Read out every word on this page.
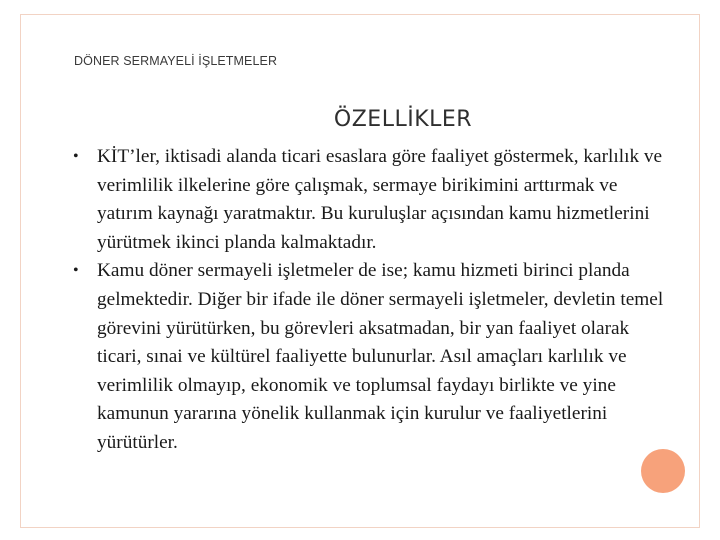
DÖNER SERMAYELİ İŞLETMELER
ÖZELLİKLER
• KİT’ler, iktisadi alanda ticari esaslara göre faaliyet göstermek, karlılık ve verimlilik ilkelerine göre çalışmak, sermaye birikimini arttırmak ve yatırım kaynağı yaratmaktır. Bu kuruluşlar açısından kamu hizmetlerini yürütmek ikinci planda kalmaktadır.
• Kamu döner sermayeli işletmeler de ise; kamu hizmeti birinci planda gelmektedir. Diğer bir ifade ile döner sermayeli işletmeler, devletin temel görevini yürütürken, bu görevleri aksatmadan, bir yan faaliyet olarak ticari, sınai ve kültürel faaliyette bulunurlar. Asıl amaçları karlılık ve verimlilik olmayıp, ekonomik ve toplumsal faydayı birlikte ve yine kamunun yararına yönelik kullanmak için kurulur ve faaliyetlerini yürütürler.
